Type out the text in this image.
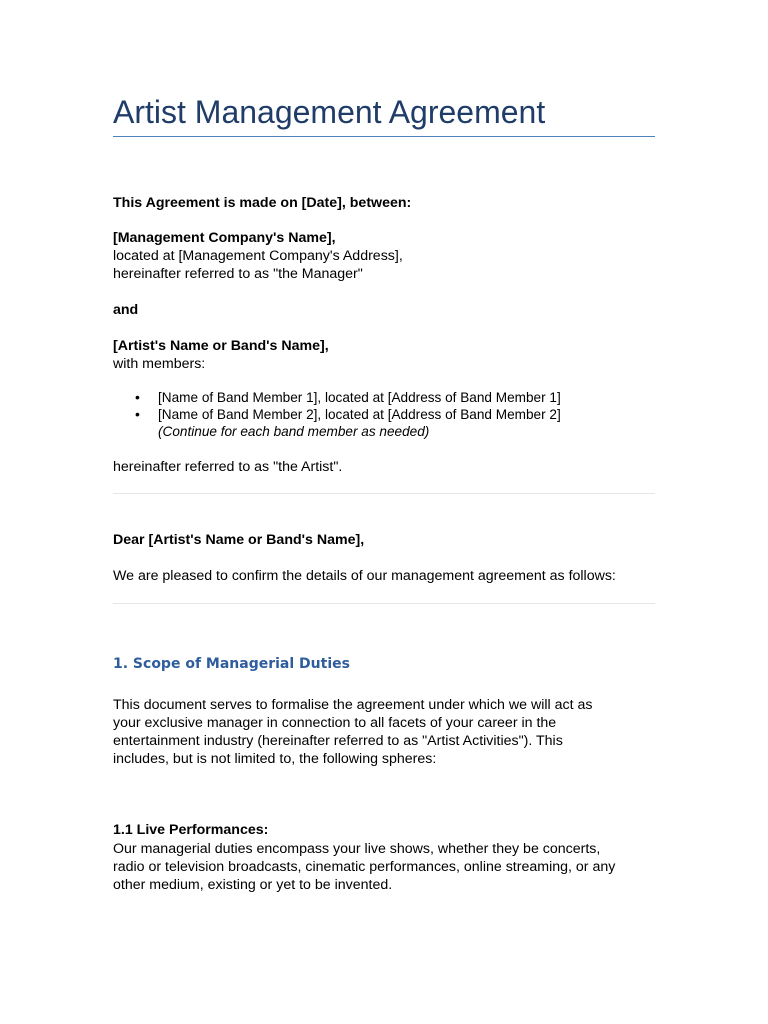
Artist Management Agreement

This Agreement is made on [Date], between:

[Management Company's Name],

located at [Management Company's Address],

hereinafter referred to as "the Manager"

and

[Artist's Name or Band's Name],

with members:

• [Name of Band Member 1], located at [Address of Band Member 1]
• [Name of Band Member 2], located at [Address of Band Member 2]
(Continue for each band member as needed)

hereinafter referred to as "the Artist".

Dear [Artist's Name or Band's Name],

We are pleased to confirm the details of our management agreement as follows:

1. Scope of Managerial Duties

This document serves to formalise the agreement under which we will act as

your exclusive manager in connection to all facets of your career in the

entertainment industry (hereinafter referred to as "Artist Activities"). This

includes, but is not limited to, the following spheres:

1.1 Live Performances:

Our managerial duties encompass your live shows, whether they be concerts,

radio or television broadcasts, cinematic performances, online streaming, or any

other medium, existing or yet to be invented.
